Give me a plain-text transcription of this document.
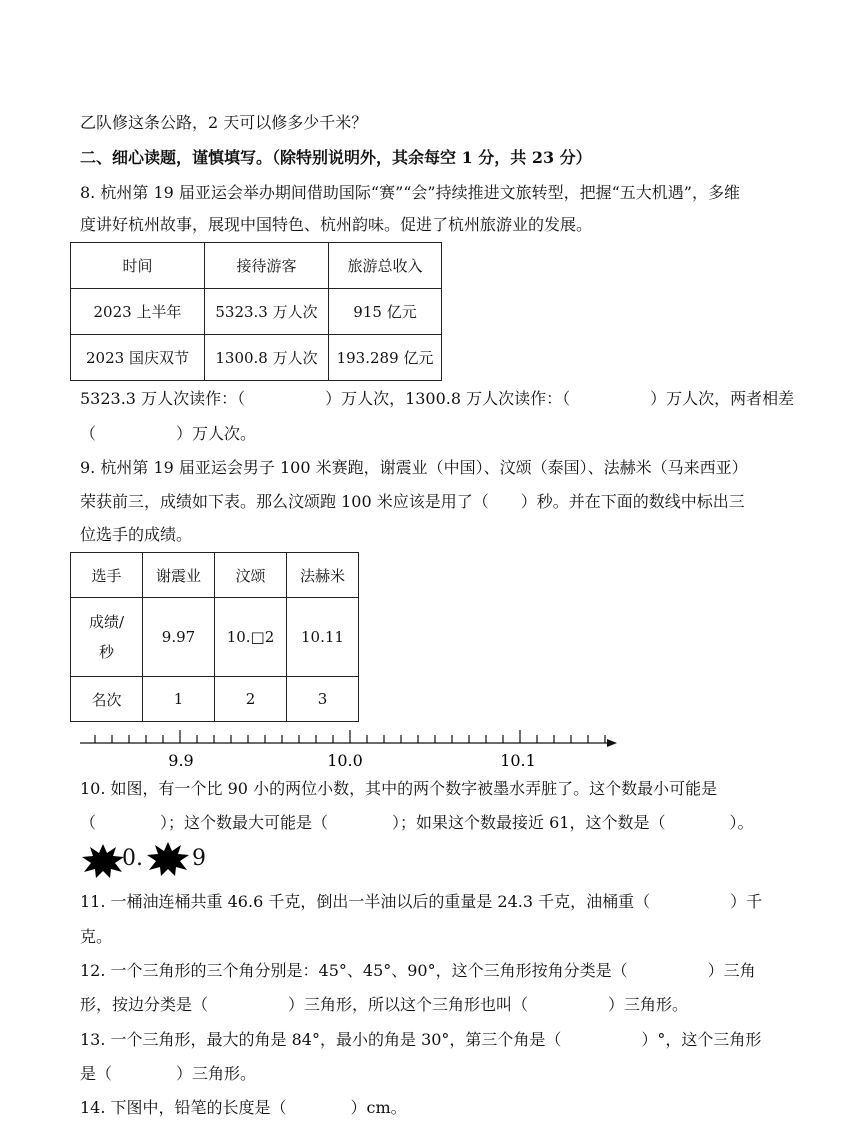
乙队修这条公路，2 天可以修多少千米？
二、细心读题，谨慎填写。（除特别说明外，其余每空 1 分，共 23 分）
8. 杭州第 19 届亚运会举办期间借助国际“赛”“会”持续推进文旅转型，把握“五大机遇”，多维
度讲好杭州故事，展现中国特色、杭州韵味。促进了杭州旅游业的发展。
时间	接待游客	旅游总收入
2023 上半年	5323.3 万人次	915 亿元
2023 国庆双节	1300.8 万人次	193.289 亿元
5323.3 万人次读作：（　　　　　）万人次，1300.8 万人次读作：（　　　　　）万人次，两者相差
（　　　　　）万人次。
9. 杭州第 19 届亚运会男子 100 米赛跑，谢震业（中国）、汶颂（泰国）、法赫米（马来西亚）
荣获前三，成绩如下表。那么汶颂跑 100 米应该是用了（　　）秒。并在下面的数线中标出三
位选手的成绩。
选手	谢震业	汶颂	法赫米
成绩/
秒	9.97	10.□2	10.11
名次	1	2	3
9.9	10.0	10.1
10. 如图，有一个比 90 小的两位小数，其中的两个数字被墨水弄脏了。这个数最小可能是
（　　　　）；这个数最大可能是（　　　　）；如果这个数最接近 61，这个数是（　　　　）。
0. 9
11. 一桶油连桶共重 46.6 千克，倒出一半油以后的重量是 24.3 千克，油桶重（　　　　　）千
克。
12. 一个三角形的三个角分别是：45°、45°、90°，这个三角形按角分类是（　　　　　）三角
形，按边分类是（　　　　　）三角形，所以这个三角形也叫（　　　　　）三角形。
13. 一个三角形，最大的角是 84°，最小的角是 30°，第三个角是（　　　　　）°，这个三角形
是（　　　　）三角形。
14. 下图中，铅笔的长度是（　　　　）cm。
